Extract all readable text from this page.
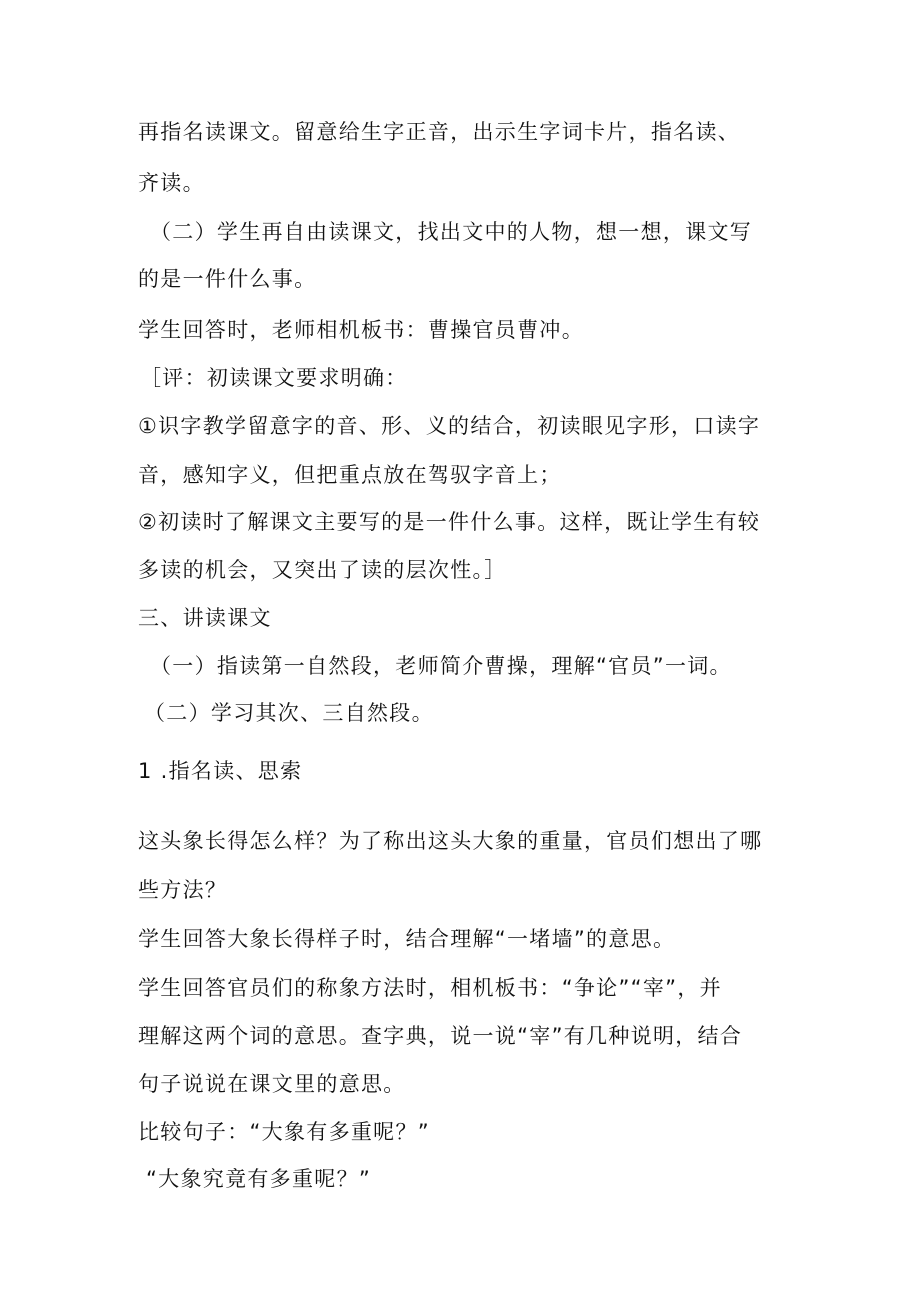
再指名读课文。留意给生字正音，出示生字词卡片，指名读、
齐读。
（二）学生再自由读课文，找出文中的人物，想一想，课文写
的是一件什么事。
学生回答时，老师相机板书：曹操官员曹冲。
［评：初读课文要求明确：
①识字教学留意字的音、形、义的结合，初读眼见字形，口读字
音，感知字义，但把重点放在驾驭字音上；
②初读时了解课文主要写的是一件什么事。这样，既让学生有较
多读的机会，又突出了读的层次性。］
三、讲读课文
（一）指读第一自然段，老师简介曹操，理解“官员”一词。
（二）学习其次、三自然段。
1 .指名读、思索
这头象长得怎么样？为了称出这头大象的重量，官员们想出了哪
些方法？
学生回答大象长得样子时，结合理解“一堵墙”的意思。
学生回答官员们的称象方法时，相机板书：“争论”“宰”，并
理解这两个词的意思。查字典，说一说“宰”有几种说明，结合
句子说说在课文里的意思。
比较句子：“大象有多重呢？”
“大象究竟有多重呢？”
